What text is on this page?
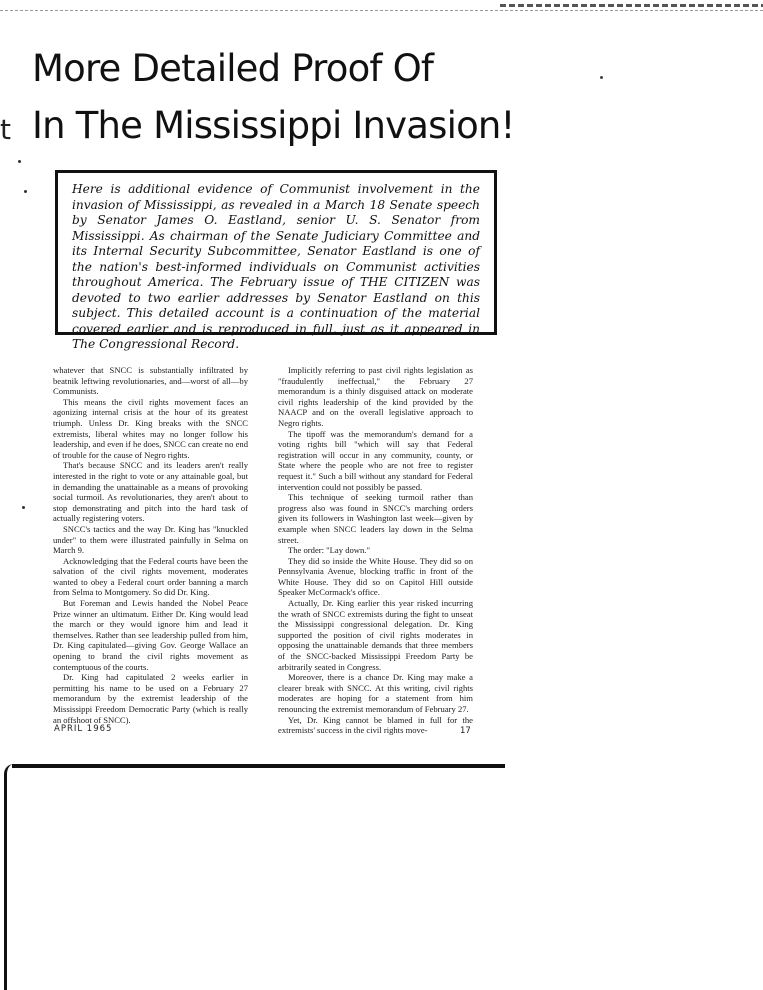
t
More Detailed Proof Of
In The Mississippi Invasion!

Here is additional evidence of Communist involvement in the invasion of Mississippi, as revealed in a March 18 Senate speech by Senator James O. Eastland, senior U. S. Senator from Mississippi. As chairman of the Senate Judiciary Committee and its Internal Security Subcommittee, Senator Eastland is one of the nation's best-informed individuals on Communist activities throughout America. The February issue of THE CITIZEN was devoted to two earlier addresses by Senator Eastland on this subject. This detailed account is a continuation of the material covered earlier and is reproduced in full, just as it appeared in The Congressional Record.

whatever that SNCC is substantially infiltrated by beatnik leftwing revolutionaries, and—worst of all—by Communists.

This means the civil rights movement faces an agonizing internal crisis at the hour of its greatest triumph. Unless Dr. King breaks with the SNCC extremists, liberal whites may no longer follow his leadership, and even if he does, SNCC can create no end of trouble for the cause of Negro rights.

That's because SNCC and its leaders aren't really interested in the right to vote or any attainable goal, but in demanding the unattainable as a means of provoking social turmoil. As revolutionaries, they aren't about to stop demonstrating and pitch into the hard task of actually registering voters.

SNCC's tactics and the way Dr. King has "knuckled under" to them were illustrated painfully in Selma on March 9.

Acknowledging that the Federal courts have been the salvation of the civil rights movement, moderates wanted to obey a Federal court order banning a march from Selma to Montgomery. So did Dr. King.

But Foreman and Lewis handed the Nobel Peace Prize winner an ultimatum. Either Dr. King would lead the march or they would ignore him and lead it themselves. Rather than see leadership pulled from him, Dr. King capitulated—giving Gov. George Wallace an opening to brand the civil rights movement as contemptuous of the courts.

Dr. King had capitulated 2 weeks earlier in permitting his name to be used on a February 27 memorandum by the extremist leadership of the Mississippi Freedom Democratic Party (which is really an offshoot of SNCC).

Implicitly referring to past civil rights legislation as "fraudulently ineffectual," the February 27 memorandum is a thinly disguised attack on moderate civil rights leadership of the kind provided by the NAACP and on the overall legislative approach to Negro rights.

The tipoff was the memorandum's demand for a voting rights bill "which will say that Federal registration will occur in any community, county, or State where the people who are not free to register request it." Such a bill without any standard for Federal intervention could not possibly be passed.

This technique of seeking turmoil rather than progress also was found in SNCC's marching orders given its followers in Washington last week—given by example when SNCC leaders lay down in the Selma street.

The order: "Lay down."

They did so inside the White House. They did so on Pennsylvania Avenue, blocking traffic in front of the White House. They did so on Capitol Hill outside Speaker McCormack's office.

Actually, Dr. King earlier this year risked incurring the wrath of SNCC extremists during the fight to unseat the Mississippi congressional delegation. Dr. King supported the position of civil rights moderates in opposing the unattainable demands that three members of the SNCC-backed Mississippi Freedom Party be arbitrarily seated in Congress.

Moreover, there is a chance Dr. King may make a clearer break with SNCC. At this writing, civil rights moderates are hoping for a statement from him renouncing the extremist memorandum of February 27.

Yet, Dr. King cannot be blamed in full for the extremists' success in the civil rights move-

APRIL 1965	17
